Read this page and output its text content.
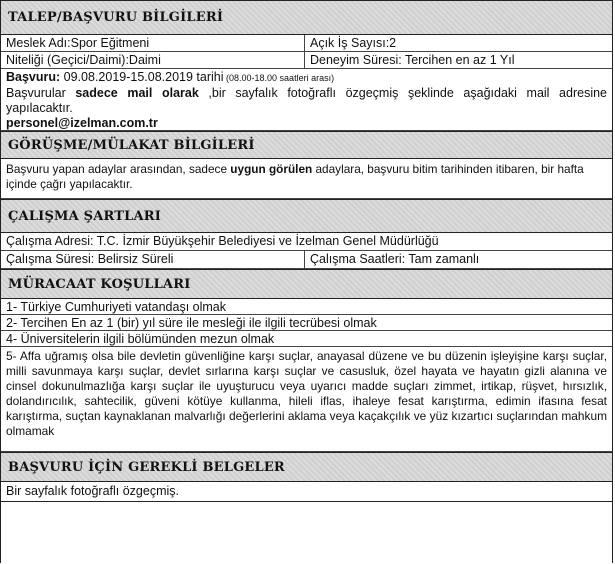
TALEP/BAŞVURU BİLGİLERİ
Meslek Adı:Spor Eğitmeni	Açık İş Sayısı:2
Niteliği (Geçici/Daimi):Daimi	Deneyim Süresi: Tercihen en az 1 Yıl

Başvuru: 09.08.2019-15.08.2019 tarihi (08.00-18.00 saatleri arası)

Başvurular sadece mail olarak ,bir sayfalık fotoğraflı özgeçmiş şeklinde aşağıdaki mail adresine yapılacaktır.

personel@izelman.com.tr

GÖRÜŞME/MÜLAKAT BİLGİLERİ

Başvuru yapan adaylar arasından, sadece uygun görülen adaylara, başvuru bitim tarihinden itibaren, bir hafta içinde çağrı yapılacaktır.

ÇALIŞMA ŞARTLARI
Çalışma Adresi: T.C. İzmir Büyükşehir Belediyesi ve İzelman Genel Müdürlüğü
Çalışma Süresi: Belirsiz Süreli	Çalışma Saatleri: Tam zamanlı
MÜRACAAT KOŞULLARI
1- Türkiye Cumhuriyeti vatandaşı olmak
2- Tercihen En az 1 (bir) yıl süre ile mesleği ile ilgili tecrübesi olmak
4- Üniversitelerin ilgili bölümünden mezun olmak
5- Affa uğramış olsa bile devletin güvenliğine karşı suçlar, anayasal düzene ve bu düzenin işleyişine karşı suçlar, milli savunmaya karşı suçlar, devlet sırlarına karşı suçlar ve casusluk, özel hayata ve hayatın gizli alanına ve cinsel dokunulmazlığa karşı suçlar ile uyuşturucu veya uyarıcı madde suçları zimmet, irtikap, rüşvet, hırsızlık, dolandırıcılık, sahtecilik, güveni kötüye kullanma, hileli iflas, ihaleye fesat karıştırma, edimin ifasına fesat karıştırma, suçtan kaynaklanan malvarlığı değerlerini aklama veya kaçakçılık ve yüz kızartıcı suçlarından mahkum olmamak
BAŞVURU İÇİN GEREKLİ BELGELER
Bir sayfalık fotoğraflı özgeçmiş.
